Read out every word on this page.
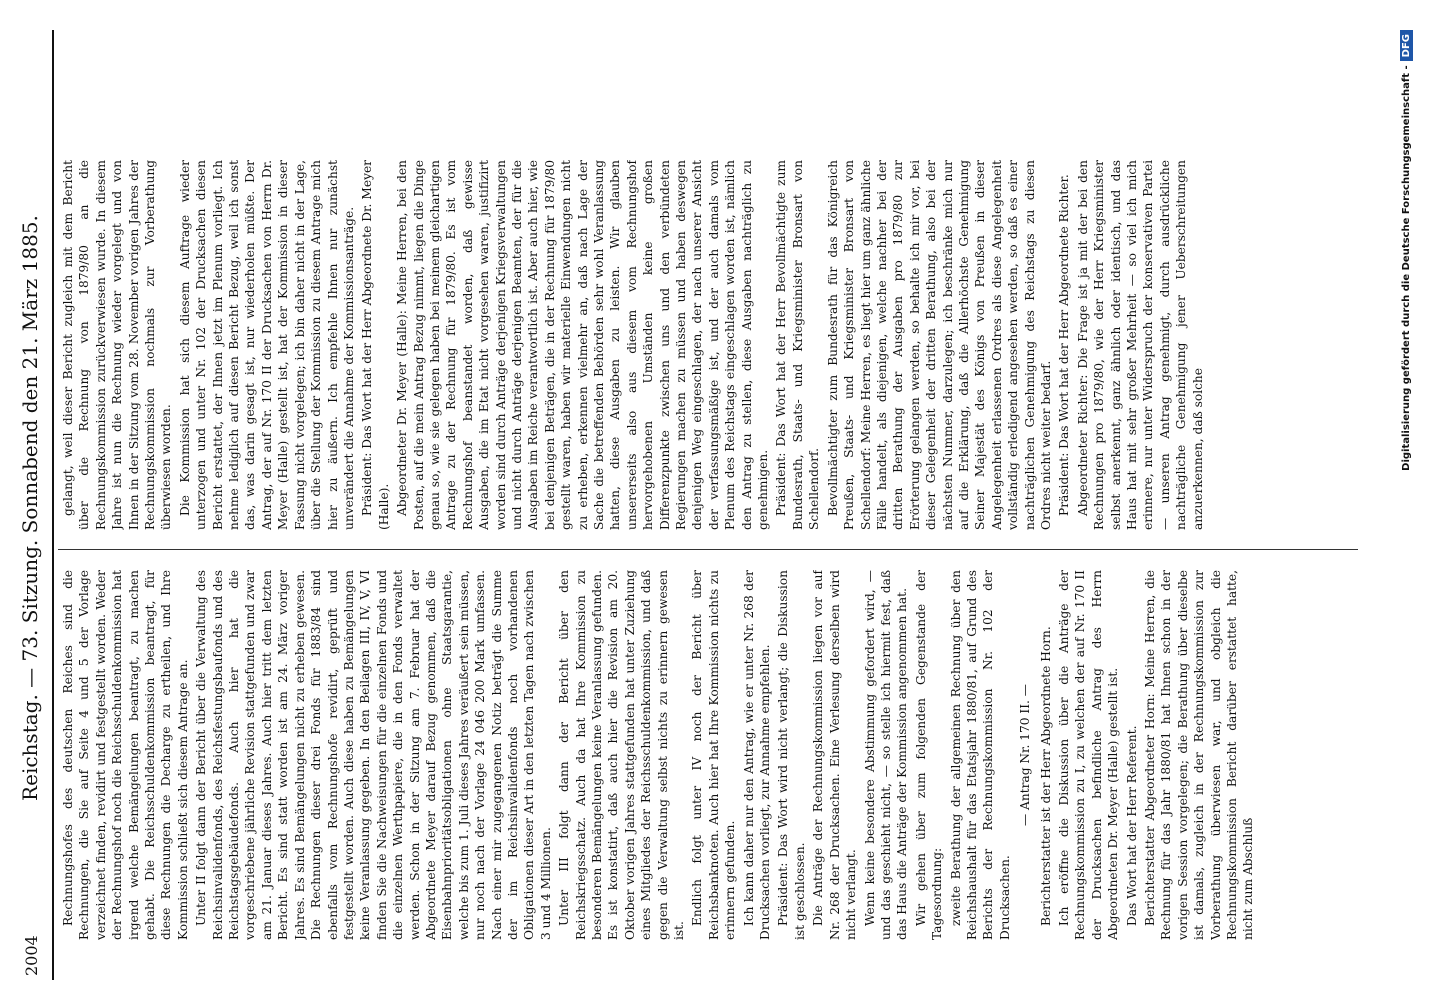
2004
Reichstag. — 73. Sitzung. Sonnabend den 21. März 1885. Rechnungshofes des deutschen Reiches sind die Rechnungen, die Sie auf Seite 4 und 5 der Vorlage verzeichnet finden, revidirt und festgestellt worden. Weder der Rechnungshof noch die Reichsschuldenkommission hat irgend welche Bemängelungen beantragt, zu machen gehabt. Die Reichsschuldenkommission beantragt, für diese Rechnungen die Decharge zu ertheilen, und Ihre Kommission schließt sich diesem Antrage an. Unter II folgt dann der Bericht über die Verwaltung des Reichsinvalidenfonds, des Reichsfestungsbaufonds und des Reichstagsgebäudefonds. Auch hier hat die vorgeschriebene jährliche Revision stattgefunden und zwar am 21. Januar dieses Jahres. Auch hier tritt dem letzten Bericht. Es sind statt worden ist am 24. März voriger Jahres. Es sind Bemängelungen nicht zu erheben gewesen. Die Rechnungen dieser drei Fonds für 1883/84 sind ebenfalls vom Rechnungshofe revidirt, geprüft und festgestellt worden. Auch diese haben zu Bemängelungen keine Veranlassung gegeben. In den Beilagen III, IV, V, VI finden Sie die Nachweisungen für die einzelnen Fonds und die einzelnen Werthpapiere, die in den Fonds verwaltet werden. Schon in der Sitzung am 7. Februar hat der Abgeordnete Meyer darauf Bezug genommen, daß die Eisenbahnprioritätsobligationen ohne Staatsgarantie, welche bis zum 1. Juli dieses Jahres veräußert sein müssen, nur noch nach der Vorlage 24 046 200 Mark umfassen. Nach einer mir zugegangenen Notiz beträgt die Summe der im Reichsinvalidenfonds noch vorhandenen Obligationen dieser Art in den letzten Tagen nach zwischen 3 und 4 Millionen. Unter III folgt dann der Bericht über den Reichskriegsschatz. Auch da hat Ihre Kommission zu besonderen Bemängelungen keine Veranlassung gefunden. Es ist konstatirt, daß auch hier die Revision am 20. Oktober vorigen Jahres stattgefunden hat unter Zuziehung eines Mitgliedes der Reichsschuldenkommission, und daß gegen die Verwaltung selbst nichts zu erinnern gewesen ist.

Endlich folgt unter IV noch der Bericht über Reichsbanknoten. Auch hier hat Ihre Kommission nichts zu erinnern gefunden. Ich kann daher nur den Antrag, wie er unter Nr. 268 der Drucksachen vorliegt, zur Annahme empfehlen. Präsident: Das Wort wird nicht verlangt; die Diskussion ist geschlossen. Die Anträge der Rechnungskommission liegen vor auf Nr. 268 der Drucksachen. Eine Verlesung derselben wird nicht verlangt. Wenn keine besondere Abstimmung gefordert wird, — und das geschieht nicht, — so stelle ich hiermit fest, daß das Haus die Anträge der Kommission angenommen hat. Wir gehen über zum folgenden Gegenstande der Tagesordnung: zweite Berathung der allgemeinen Rechnung über den Reichshaushalt für das Etatsjahr 1880/81, auf Grund des Berichts der Rechnungskommission Nr. 102 der Drucksachen.

— Antrag Nr. 170 II. — Berichterstatter ist der Herr Abgeordnete Horn. Ich eröffne die Diskussion über die Anträge der Rechnungskommission zu I, zu welchen der auf Nr. 170 II der Drucksachen befindliche Antrag des Herrn Abgeordneten Dr. Meyer (Halle) gestellt ist. Das Wort hat der Herr Referent. Berichterstatter Abgeordneter Horn: Meine Herren, die Rechnung für das Jahr 1880/81 hat Ihnen schon in der vorigen Session vorgelegen; die Berathung über dieselbe ist damals, zugleich in der Rechnungskommission zur Vorberathung überwiesen war, und obgleich die Rechnungskommission Bericht darüber erstattet hatte, nicht zum Abschluß

gelangt, weil dieser Bericht zugleich mit dem Bericht über die Rechnung von 1879/80 an die Rechnungskommission zurückverwiesen wurde. In diesem Jahre ist nun die Rechnung wieder vorgelegt und von Ihnen in der Sitzung vom 28. November vorigen Jahres der Rechnungskommission nochmals zur Vorberathung überwiesen worden. Die Kommission hat sich diesem Auftrage wieder unterzogen und unter Nr. 102 der Drucksachen diesen Bericht erstattet, der Ihnen jetzt im Plenum vorliegt. Ich nehme lediglich auf diesen Bericht Bezug, weil ich sonst das, was darin gesagt ist, nur wiederholen müßte. Der Antrag, der auf Nr. 170 II der Drucksachen von Herrn Dr. Meyer (Halle) gestellt ist, hat der Kommission in dieser Fassung nicht vorgelegen; ich bin daher nicht in der Lage, über die Stellung der Kommission zu diesem Antrage mich hier zu äußern. Ich empfehle Ihnen nur zunächst unverändert die Annahme der Kommissionsanträge. Präsident: Das Wort hat der Herr Abgeordnete Dr. Meyer (Halle). Abgeordneter Dr. Meyer (Halle): Meine Herren, bei den Posten, auf die mein Antrag Bezug nimmt, liegen die Dinge genau so, wie sie gelegen haben bei meinem gleichartigen Antrage zu der Rechnung für 1879/80. Es ist vom Rechnungshof beanstandet worden, daß gewisse Ausgaben, die im Etat nicht vorgesehen waren, justifizirt worden sind durch Anträge derjenigen Kriegsverwaltungen und nicht durch Anträge derjenigen Beamten, der für die Ausgaben im Reiche verantwortlich ist. Aber auch hier, wie bei denjenigen Beträgen, die in der Rechnung für 1879/80 gestellt waren, haben wir materielle Einwendungen nicht zu erheben, erkennen vielmehr an, daß nach Lage der Sache die betreffenden Behörden sehr wohl Veranlassung hatten, diese Ausgaben zu leisten. Wir glauben unsererseits also aus diesem vom Rechnungshof hervorgehobenen Umständen keine großen Differenzpunkte zwischen uns und den verbündeten Regierungen machen zu müssen und haben deswegen denjenigen Weg eingeschlagen, der nach unserer Ansicht der verfassungsmäßige ist, und der auch damals vom Plenum des Reichstags eingeschlagen worden ist, nämlich den Antrag zu stellen, diese Ausgaben nachträglich zu genehmigen. Präsident: Das Wort hat der Herr Bevollmächtigte zum Bundesrath, Staats- und Kriegsminister Bronsart von Schellendorf. Bevollmächtigter zum Bundesrath für das Königreich Preußen, Staats- und Kriegsminister Bronsart von Schellendorf: Meine Herren, es liegt hier um ganz ähnliche Fälle handelt, als diejenigen, welche nachher bei der dritten Berathung der Ausgaben pro 1879/80 zur Erörterung gelangen werden, so behalte ich mir vor, bei dieser Gelegenheit der dritten Berathung, also bei der nächsten Nummer, darzulegen; ich beschränke mich nur auf die Erklärung, daß die Allerhöchste Genehmigung Seiner Majestät des Königs von Preußen in dieser Angelegenheit erlassenen Ordres als diese Angelegenheit vollständig erledigend angesehen werden, so daß es einer nachträglichen Genehmigung des Reichstags zu diesen Ordres nicht weiter bedarf. Präsident: Das Wort hat der Herr Abgeordnete Richter. Abgeordneter Richter: Die Frage ist ja mit der bei den Rechnungen pro 1879/80, wie der Herr Kriegsminister selbst anerkennt, ganz ähnlich oder identisch, und das Haus hat mit sehr großer Mehrheit — so viel ich mich erinnere, nur unter Widerspruch der konservativen Partei — unseren Antrag genehmigt, durch ausdrückliche nachträgliche Genehmigung jener Ueberschreitungen anzuerkennen, daß solche	Digitalisierung gefördert durch die Deutsche Forschungsgemeinschaft -DFG
